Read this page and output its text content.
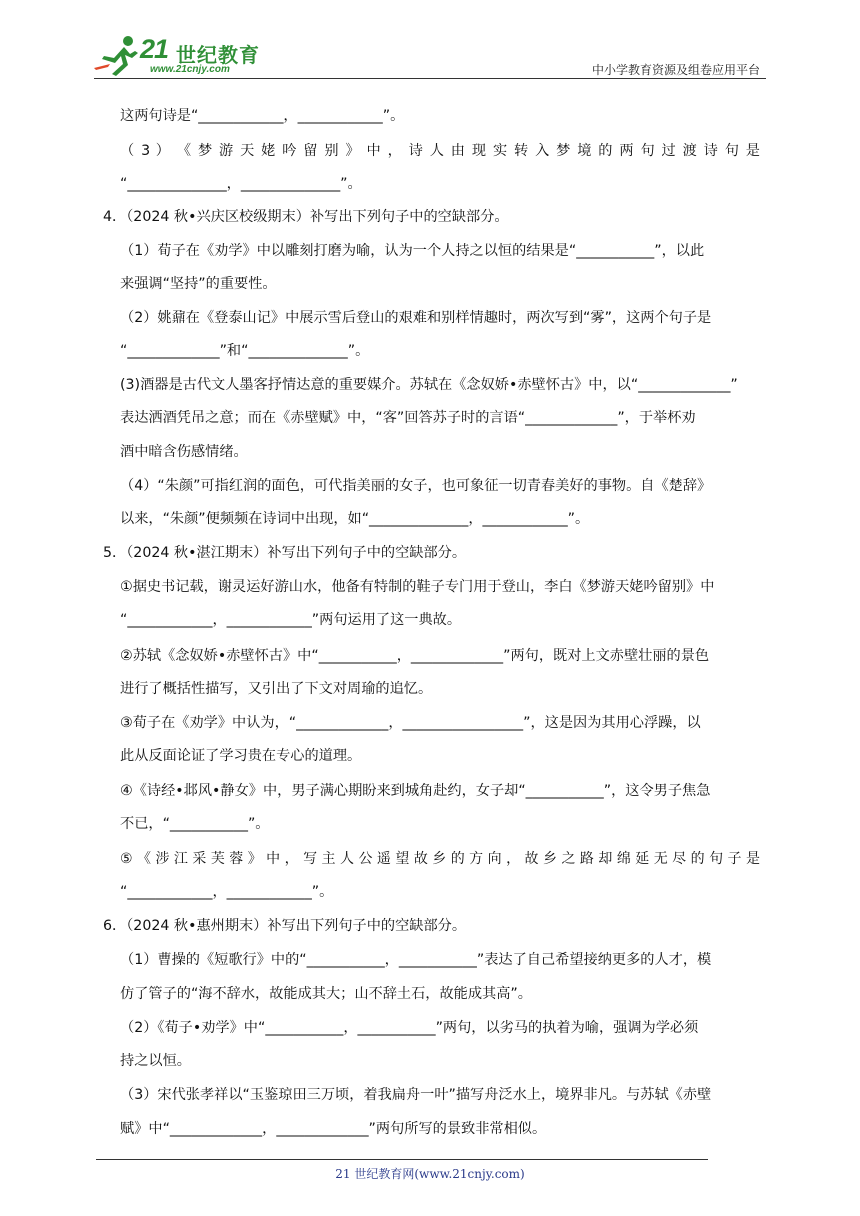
21 世纪教育
www.21cnjy.com	中小学教育资源及组卷应用平台
这两句诗是“____________，____________”。
（ 3 ） 《 梦 游 天 姥 吟 留 别 》 中 ， 诗 人 由 现 实 转 入 梦 境 的 两 句 过 渡 诗 句 是
“______________，______________”。
4．（2024 秋•兴庆区校级期末）补写出下列句子中的空缺部分。
（1）荀子在《劝学》中以雕刻打磨为喻，认为一个人持之以恒的结果是“___________”，以此
来强调“坚持”的重要性。
（2）姚鼐在《登泰山记》中展示雪后登山的艰难和别样情趣时，两次写到“雾”，这两个句子是
“_____________”和“______________”。
(3)酒器是古代文人墨客抒情达意的重要媒介。苏轼在《念奴娇•赤壁怀古》中，以“_____________”
表达洒酒凭吊之意；而在《赤壁赋》中，“客”回答苏子时的言语“_____________”，于举杯劝
酒中暗含伤感情绪。
（4）“朱颜”可指红润的面色，可代指美丽的女子，也可象征一切青春美好的事物。自《楚辞》
以来，“朱颜”便频频在诗词中出现，如“______________，____________”。
5．（2024 秋•湛江期末）补写出下列句子中的空缺部分。
①据史书记载，谢灵运好游山水，他备有特制的鞋子专门用于登山，李白《梦游天姥吟留别》中
“____________，____________”两句运用了这一典故。
②苏轼《念奴娇•赤壁怀古》中“___________，_____________”两句，既对上文赤壁壮丽的景色
进行了概括性描写，又引出了下文对周瑜的追忆。
③荀子在《劝学》中认为，“_____________，_________________”，这是因为其用心浮躁，以
此从反面论证了学习贵在专心的道理。
④《诗经•邶风•静女》中，男子满心期盼来到城角赴约，女子却“___________”，这令男子焦急
不已，“___________”。
⑤ 《 涉 江 采 芙 蓉 》 中 ， 写 主 人 公 遥 望 故 乡 的 方 向 ， 故 乡 之 路 却 绵 延 无 尽 的 句 子 是
“____________，____________”。
6．（2024 秋•惠州期末）补写出下列句子中的空缺部分。
（1）曹操的《短歌行》中的“___________，___________”表达了自己希望接纳更多的人才，模
仿了管子的“海不辞水，故能成其大；山不辞土石，故能成其高”。
（2）《荀子•劝学》中“___________，___________”两句，以劣马的执着为喻，强调为学必须
持之以恒。
（3）宋代张孝祥以“玉鉴琼田三万顷，着我扁舟一叶”描写舟泛水上，境界非凡。与苏轼《赤壁
赋》中“_____________，_____________”两句所写的景致非常相似。
21 世纪教育网(www.21cnjy.com)
